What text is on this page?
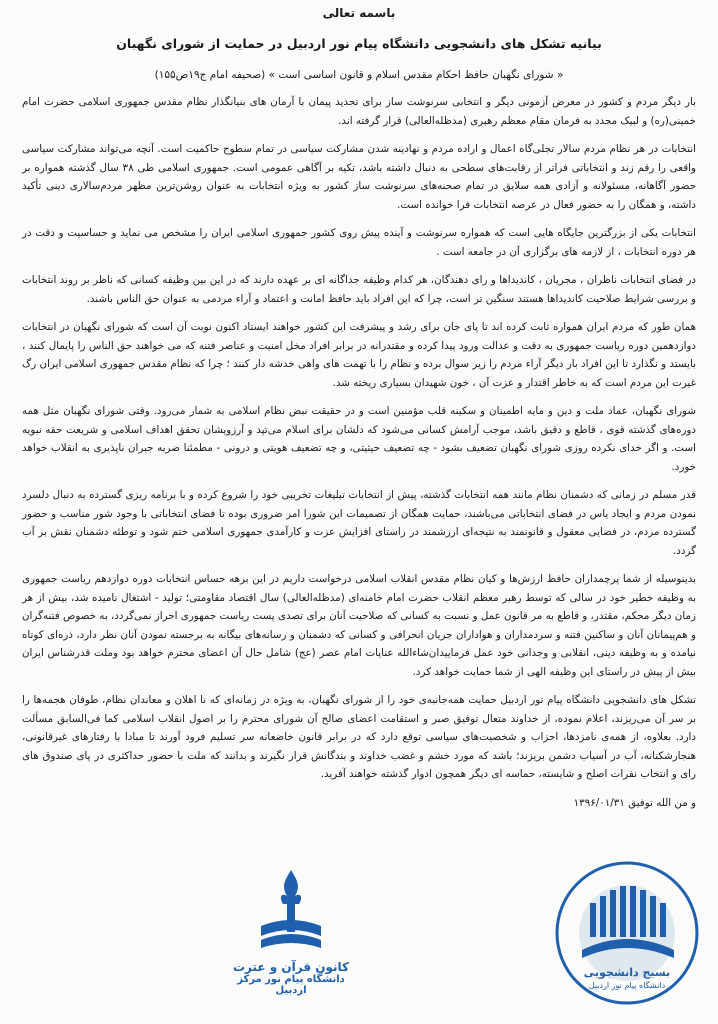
باسمه تعالی
بیانیه تشکل های دانشجویی دانشگاه پیام نور اردبیل در حمایت از شورای نگهبان
« شورای نگهبان حافظ احکام مقدس اسلام و قانون اساسی است » (صحیفه امام ج۱۹ص۱۵۵)

بار دیگر مردم و کشور در معرض آزمونی دیگر و انتخابی سرنوشت ساز برای تجدید پیمان با آرمان های بنیانگذار نظام مقدس جمهوری اسلامی حضرت امام خمینی(ره) و لبیک مجدد به فرمان مقام معظم رهبری (مدظله‌العالی) قرار گرفته اند.

انتخابات در هر نظام مردم سالار تجلی‌گاه اعمال و اراده مردم و نهادینه شدن مشارکت سیاسی در تمام سطوح حاکمیت است. آنچه می‌تواند مشارکت سیاسی واقعی را رقم زند و انتخاباتی فراتر از رقابت‌های سطحی به دنبال داشته باشد، تکیه بر آگاهی عمومی است. جمهوری اسلامی طی ۳۸ سال گذشته همواره بر حضور آگاهانه، مسئولانه و آزادی همه سلایق در تمام صحنه‌های سرنوشت ساز کشور به ویژه انتخابات به عنوان روشن‌ترین مظهر مردم‌سالاری دینی تأکید داشته، و همگان را به حضور فعال در عرصه انتخابات فرا خوانده است.

انتخابات یکی از بزرگترین جایگاه هایی است که همواره سرنوشت و آینده پیش روی کشور جمهوری اسلامی ایران را مشخص می نماید و حساسیت و دقت در هر دوره انتخابات ، از لازمه های برگزاری آن در جامعه است .

در فضای انتخابات ناظران ، مجریان ، کاندیداها و رای دهندگان، هر کدام وظیفه جداگانه ای بر عهده دارند که در این بین وظیفه کسانی که ناظر بر روند انتخابات و بررسی شرایط صلاحیت کاندیداها هستند سنگین تر است، چرا که این افراد باید حافظ امانت و اعتماد و آراء مردمی به عنوان حق الناس باشند.

همان طور که مردم ایران همواره ثابت کرده اند تا پای جان برای رشد و پیشرفت این کشور خواهند ایستاد اکنون نوبت آن است که شورای نگهبان در انتخابات دوازدهمین دوره ریاست جمهوری به دقت و عدالت ورود پیدا کرده و مقتدرانه در برابر افراد مخل امنیت و عناصر فتنه که می خواهند حق الناس را پایمال کنند ، بایستد و نگذارد تا این افراد بار دیگر آراء مردم را زیر سوال برده و نظام را با تهمت های واهی خدشه دار کنند ؛ چرا که نظام مقدس جمهوری اسلامی ایران رگ غیرت این مردم است که به خاطر اقتدار و عزت آن ، خون شهیدان بسیاری ریخته شد.

شورای نگهبان، عماد ملت و دین و مایه اطمینان و سکینه قلب مؤمنین است و در حقیقت نبض نظام اسلامی به شمار می‌رود. وقتی شورای نگهبان مثل همه دوره‌های گذشته قوی ، قاطع و دقیق باشد، موجب آرامش کسانی می‌شود که دلشان برای اسلام می‌تپد و آرزویشان تحقق اهداف اسلامی و شریعت حقه نبویه است. و اگر خدای نکرده روزی شورای نگهبان تضعیف بشود - چه تضعیف حیثیتی، و چه تضعیف هویتی و درونی - مطمئنا ضربه جبران ناپذیری به انقلاب خواهد خورد.

قدر مسلم در زمانی که دشمنان نظام مانند همه انتخابات گذشته، پیش از انتخابات تبلیغات تخریبی خود را شروع کرده و با برنامه ریزی گسترده به دنبال دلسرد نمودن مردم و ایجاد یاس در فضای انتخاباتی می‌باشند، حمایت همگان از تصمیمات این شورا امر ضروری بوده تا فضای انتخاباتی با وجود شور مناسب و حضور گسترده مردم، در فضایی معقول و قانونمند به نتیجه‌ای ارزشمند در راستای افزایش عزت و کارآمدی جمهوری اسلامی ختم شود و توطئه دشمنان نقش بر آب گردد.

بدینوسیله از شما پرچمداران حافظ ارزش‌ها و کیان نظام مقدس انقلاب اسلامی درخواست داریم در این برهه حساس انتخابات دوره دوازدهم ریاست جمهوری به وظیفه خطیر خود در سالی که توسط رهبر معظم انقلاب حضرت امام خامنه‌ای (مدظله‌العالی) سال اقتصاد مقاومتی؛ تولید - اشتغال نامیده شد، بیش از هر زمان دیگر محکم، مقتدر، و قاطع به مر قانون عمل و نسبت به کسانی که صلاحیت آنان برای تصدی پست ریاست جمهوری احراز نمی‌گردد، به خصوص فتنه‌گران و هم‌پیمانان آنان و ساکنین فتنه و سردمداران و هواداران جریان انحرافی و کسانی که دشمنان و رسانه‌های بیگانه به برجسته نمودن آنان نظر دارد، ذره‌ای کوتاه نیامده و به وظیفه دینی، انقلابی و وجدانی خود عمل فرمایید‌ان‌شاءالله عنایات امام عصر (عج) شامل حال آن اعضای محترم خواهد بود وملت قدرشناس ایران بیش از پیش در راستای این وظیفه الهی از شما حمایت خواهد کرد.

تشکل های دانشجویی دانشگاه پیام نور اردبیل حمایت همه‌جانبه‌ی خود را از شورای نگهبان، به ویژه در زمانه‌ای که نا اهلان و معاندان نظام، طوفان هجمه‌ها را بر سر آن می‌ریزند، اعلام نموده، از خداوند متعال توفیق صبر و استقامت اعضای صالح آن شورای محترم را بر اصول انقلاب اسلامی کما فی‌السابق مسألت دارد. بعلاوه، از همه‌ی نامزدها، احزاب و شخصیت‌های سیاسی توقع دارد که در برابر قانون خاضعانه سر تسلیم فرود آورند تا مبادا با رفتارهای غیرقانونی، هنجارشکنانه، آب در آسیاب دشمن بریزند؛ باشد که مورد خشم و غضب خداوند و بندگانش قرار نگیرند و بدانند که ملت با حضور حداکثری در پای صندوق های رای و انتخاب نفرات اصلح و شایسته، حماسه ای دیگر همچون ادوار گذشته خواهند آفرید.

و من الله توفیق ۱۳۹۶/۰۱/۳۱

بسیج دانشجویی
دانشگاه پیام نور اردبیل
کانون قرآن و عترت
دانشگاه پیام نور مرکز اردبیل
